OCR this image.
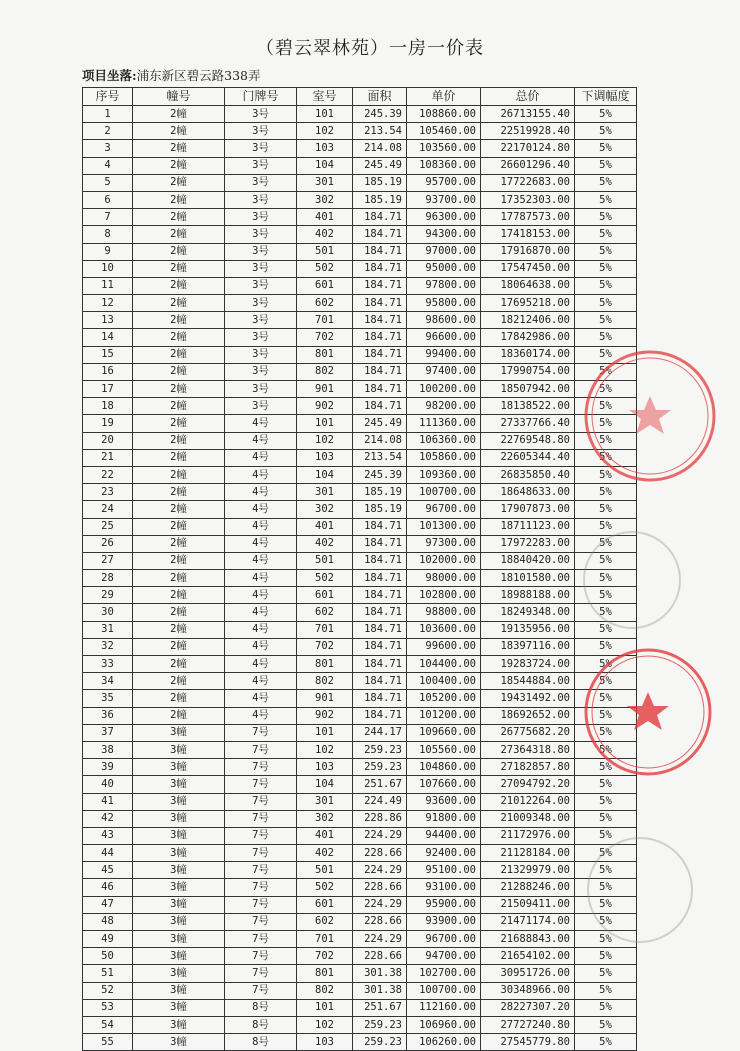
（碧云翠林苑）一房一价表
项目坐落:浦东新区碧云路338弄
序号	幢号	门牌号	室号	面积	单价	总价	下调幅度
1	2幢	3号	101	245.39	108860.00	26713155.40	5%
2	2幢	3号	102	213.54	105460.00	22519928.40	5%
3	2幢	3号	103	214.08	103560.00	22170124.80	5%
4	2幢	3号	104	245.49	108360.00	26601296.40	5%
5	2幢	3号	301	185.19	95700.00	17722683.00	5%
6	2幢	3号	302	185.19	93700.00	17352303.00	5%
7	2幢	3号	401	184.71	96300.00	17787573.00	5%
8	2幢	3号	402	184.71	94300.00	17418153.00	5%
9	2幢	3号	501	184.71	97000.00	17916870.00	5%
10	2幢	3号	502	184.71	95000.00	17547450.00	5%
11	2幢	3号	601	184.71	97800.00	18064638.00	5%
12	2幢	3号	602	184.71	95800.00	17695218.00	5%
13	2幢	3号	701	184.71	98600.00	18212406.00	5%
14	2幢	3号	702	184.71	96600.00	17842986.00	5%
15	2幢	3号	801	184.71	99400.00	18360174.00	5%
16	2幢	3号	802	184.71	97400.00	17990754.00	5%
17	2幢	3号	901	184.71	100200.00	18507942.00	5%
18	2幢	3号	902	184.71	98200.00	18138522.00	5%
19	2幢	4号	101	245.49	111360.00	27337766.40	5%
20	2幢	4号	102	214.08	106360.00	22769548.80	5%
21	2幢	4号	103	213.54	105860.00	22605344.40	5%
22	2幢	4号	104	245.39	109360.00	26835850.40	5%
23	2幢	4号	301	185.19	100700.00	18648633.00	5%
24	2幢	4号	302	185.19	96700.00	17907873.00	5%
25	2幢	4号	401	184.71	101300.00	18711123.00	5%
26	2幢	4号	402	184.71	97300.00	17972283.00	5%
27	2幢	4号	501	184.71	102000.00	18840420.00	5%
28	2幢	4号	502	184.71	98000.00	18101580.00	5%
29	2幢	4号	601	184.71	102800.00	18988188.00	5%
30	2幢	4号	602	184.71	98800.00	18249348.00	5%
31	2幢	4号	701	184.71	103600.00	19135956.00	5%
32	2幢	4号	702	184.71	99600.00	18397116.00	5%
33	2幢	4号	801	184.71	104400.00	19283724.00	5%
34	2幢	4号	802	184.71	100400.00	18544884.00	5%
35	2幢	4号	901	184.71	105200.00	19431492.00	5%
36	2幢	4号	902	184.71	101200.00	18692652.00	5%
37	3幢	7号	101	244.17	109660.00	26775682.20	5%
38	3幢	7号	102	259.23	105560.00	27364318.80	5%
39	3幢	7号	103	259.23	104860.00	27182857.80	5%
40	3幢	7号	104	251.67	107660.00	27094792.20	5%
41	3幢	7号	301	224.49	93600.00	21012264.00	5%
42	3幢	7号	302	228.86	91800.00	21009348.00	5%
43	3幢	7号	401	224.29	94400.00	21172976.00	5%
44	3幢	7号	402	228.66	92400.00	21128184.00	5%
45	3幢	7号	501	224.29	95100.00	21329979.00	5%
46	3幢	7号	502	228.66	93100.00	21288246.00	5%
47	3幢	7号	601	224.29	95900.00	21509411.00	5%
48	3幢	7号	602	228.66	93900.00	21471174.00	5%
49	3幢	7号	701	224.29	96700.00	21688843.00	5%
50	3幢	7号	702	228.66	94700.00	21654102.00	5%
51	3幢	7号	801	301.38	102700.00	30951726.00	5%
52	3幢	7号	802	301.38	100700.00	30348966.00	5%
53	3幢	8号	101	251.67	112160.00	28227307.20	5%
54	3幢	8号	102	259.23	106960.00	27727240.80	5%
55	3幢	8号	103	259.23	106260.00	27545779.80	5%
